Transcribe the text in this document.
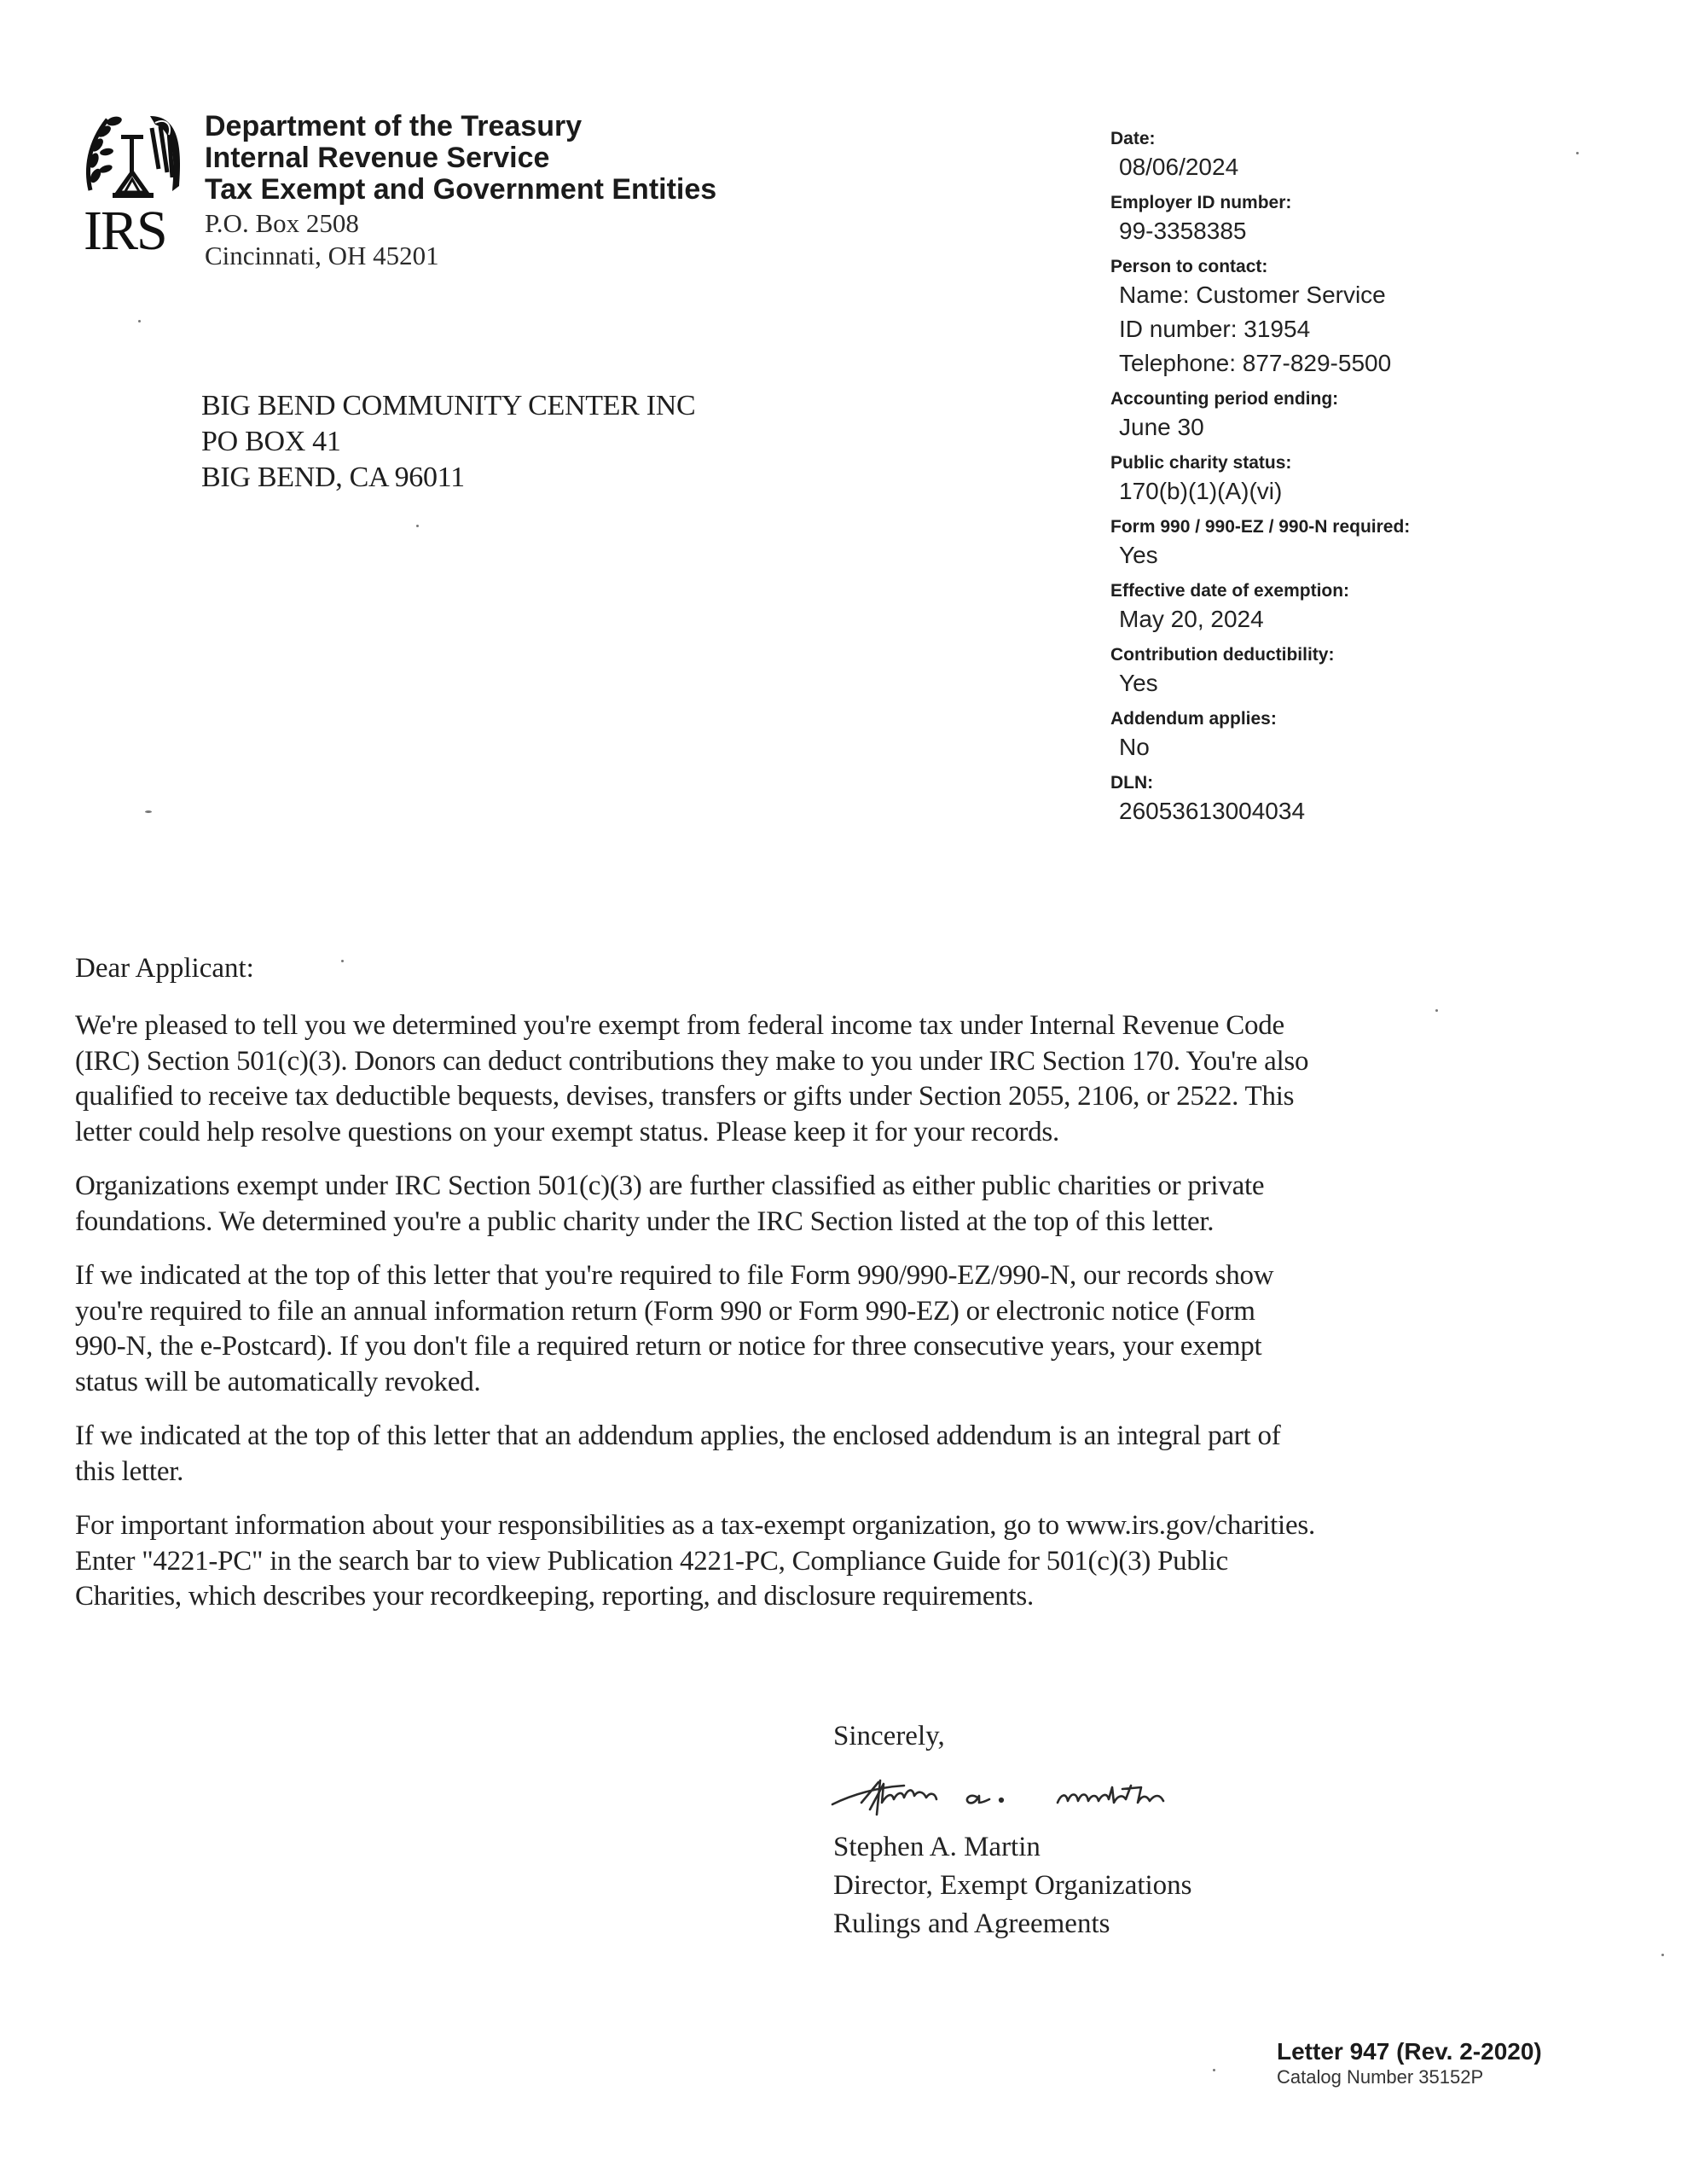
IRS
Department of the Treasury
Internal Revenue Service
Tax Exempt and Government Entities
P.O. Box 2508
Cincinnati, OH 45201
BIG BEND COMMUNITY CENTER INC
PO BOX 41
BIG BEND, CA 96011
Date:
08/06/2024
Employer ID number:
99-3358385
Person to contact:
Name: Customer Service
ID number: 31954
Telephone: 877-829-5500
Accounting period ending:
June 30
Public charity status:
170(b)(1)(A)(vi)
Form 990 / 990-EZ / 990-N required:
Yes
Effective date of exemption:
May 20, 2024
Contribution deductibility:
Yes
Addendum applies:
No
DLN:
26053613004034
Dear Applicant:

We're pleased to tell you we determined you're exempt from federal income tax under Internal Revenue Code
(IRC) Section 501(c)(3). Donors can deduct contributions they make to you under IRC Section 170. You're also
qualified to receive tax deductible bequests, devises, transfers or gifts under Section 2055, 2106, or 2522. This
letter could help resolve questions on your exempt status. Please keep it for your records.

Organizations exempt under IRC Section 501(c)(3) are further classified as either public charities or private
foundations. We determined you're a public charity under the IRC Section listed at the top of this letter.

If we indicated at the top of this letter that you're required to file Form 990/990-EZ/990-N, our records show
you're required to file an annual information return (Form 990 or Form 990-EZ) or electronic notice (Form
990-N, the e-Postcard). If you don't file a required return or notice for three consecutive years, your exempt
status will be automatically revoked.

If we indicated at the top of this letter that an addendum applies, the enclosed addendum is an integral part of
this letter.

For important information about your responsibilities as a tax-exempt organization, go to www.irs.gov/charities.
Enter "4221-PC" in the search bar to view Publication 4221-PC, Compliance Guide for 501(c)(3) Public
Charities, which describes your recordkeeping, reporting, and disclosure requirements.

Sincerely,
Stephen A. Martin
Director, Exempt Organizations
Rulings and Agreements
Letter 947 (Rev. 2-2020)
Catalog Number 35152P
